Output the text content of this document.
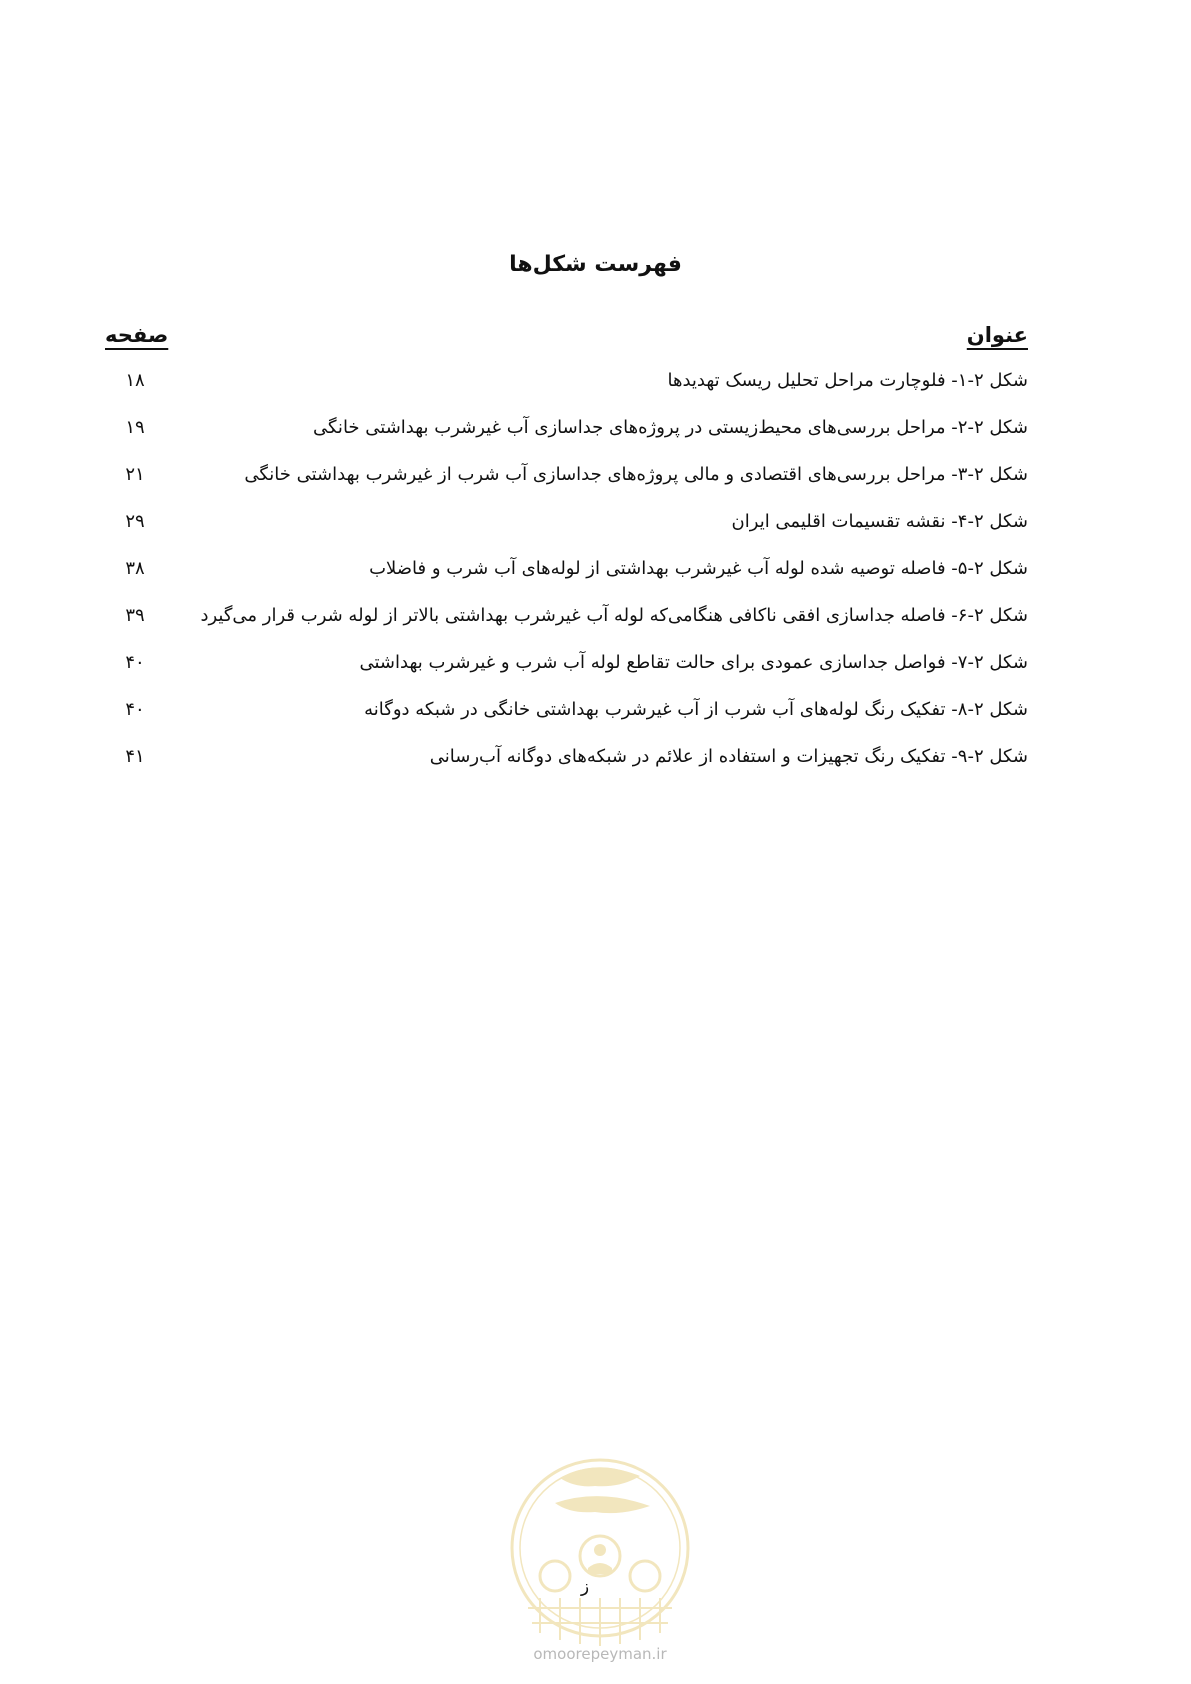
فهرست شکل‌ها
عنوان
صفحه
شکل ۲-۱- فلوچارت مراحل تحلیل ریسک تهدیدها
۱۸
شکل ۲-۲- مراحل بررسی‌های محیط‌زیستی در پروژه‌های جداسازی آب غیرشرب بهداشتی خانگی
۱۹
شکل ۲-۳- مراحل بررسی‌های اقتصادی و مالی پروژه‌های جداسازی آب شرب از غیرشرب بهداشتی خانگی
۲۱
شکل ۲-۴- نقشه تقسیمات اقلیمی ایران
۲۹
شکل ۲-۵- فاصله توصیه شده لوله آب غیرشرب بهداشتی از لوله‌های آب شرب و فاضلاب
۳۸
شکل ۲-۶- فاصله جداسازی افقی ناکافی هنگامی‌که لوله آب غیرشرب بهداشتی بالاتر از لوله شرب قرار می‌گیرد
۳۹
شکل ۲-۷- فواصل جداسازی عمودی برای حالت تقاطع لوله آب شرب و غیرشرب بهداشتی
۴۰
شکل ۲-۸- تفکیک رنگ لوله‌های آب شرب از آب غیرشرب بهداشتی خانگی در شبکه دوگانه
۴۰
شکل ۲-۹- تفکیک رنگ تجهیزات و استفاده از علائم در شبکه‌های دوگانه آب‌رسانی
۴۱
ز
omoorepeyman.ir
